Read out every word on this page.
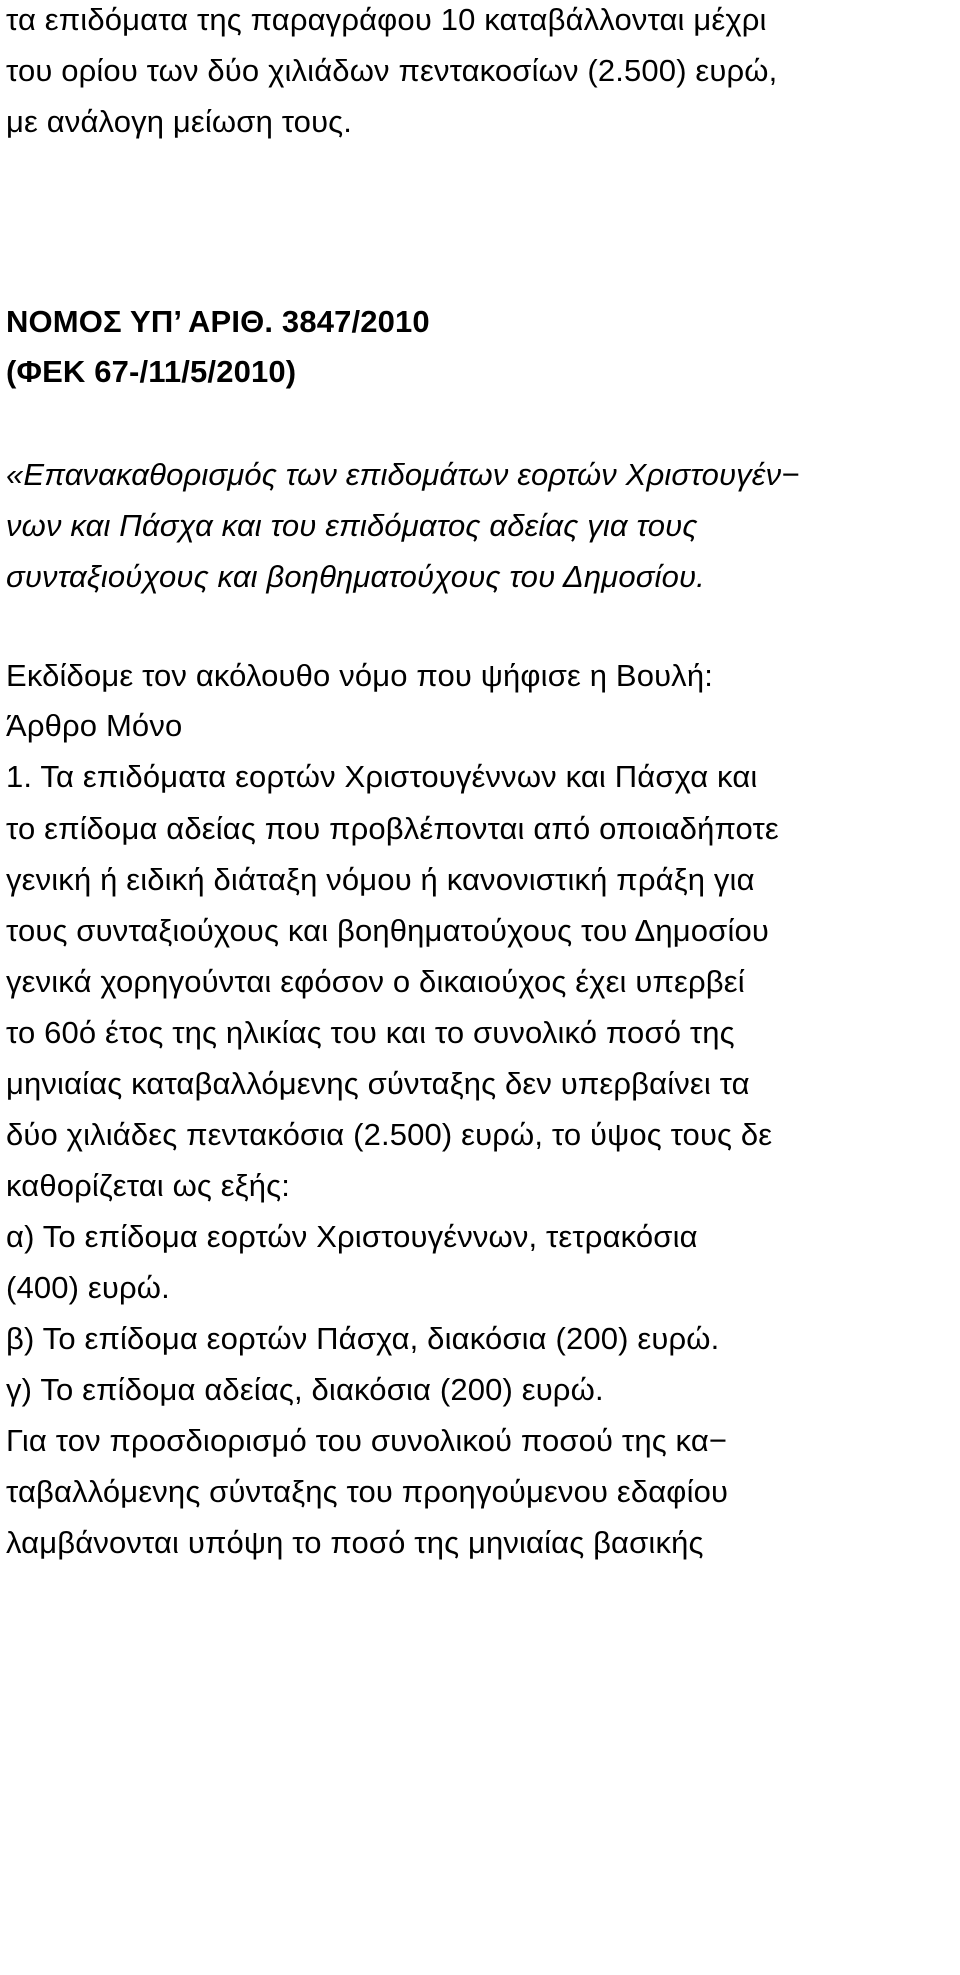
τα επιδόματα της παραγράφου 10 καταβάλλονται μέχρι
του ορίου των δύο χιλιάδων πεντακοσίων (2.500) ευρώ,
με ανάλογη μείωση τους.
ΝΟΜΟΣ ΥΠ’ ΑΡΙΘ. 3847/2010
(ΦΕΚ 67-/11/5/2010)
«Επανακαθορισμός των επιδομάτων εορτών Χριστουγέν−
νων και Πάσχα και του επιδόματος αδείας για τους
συνταξιούχους και βοηθηματούχους του Δημοσίου.
Εκδίδομε τον ακόλουθο νόμο που ψήφισε η Βουλή:
Άρθρο Μόνο
1. Τα επιδόματα εορτών Χριστουγέννων και Πάσχα και
το επίδομα αδείας που προβλέπονται από οποιαδήποτε
γενική ή ειδική διάταξη νόμου ή κανονιστική πράξη για
τους συνταξιούχους και βοηθηματούχους του Δημοσίου
γενικά χορηγούνται εφόσον ο δικαιούχος έχει υπερβεί
το 60ό έτος της ηλικίας του και το συνολικό ποσό της
μηνιαίας καταβαλλόμενης σύνταξης δεν υπερβαίνει τα
δύο χιλιάδες πεντακόσια (2.500) ευρώ, το ύψος τους δε
καθορίζεται ως εξής:
α) Το επίδομα εορτών Χριστουγέννων, τετρακόσια
(400) ευρώ.
β) Το επίδομα εορτών Πάσχα, διακόσια (200) ευρώ.
γ) Το επίδομα αδείας, διακόσια (200) ευρώ.
Για τον προσδιορισμό του συνολικού ποσού της κα−
ταβαλλόμενης σύνταξης του προηγούμενου εδαφίου
λαμβάνονται υπόψη το ποσό της μηνιαίας βασικής
